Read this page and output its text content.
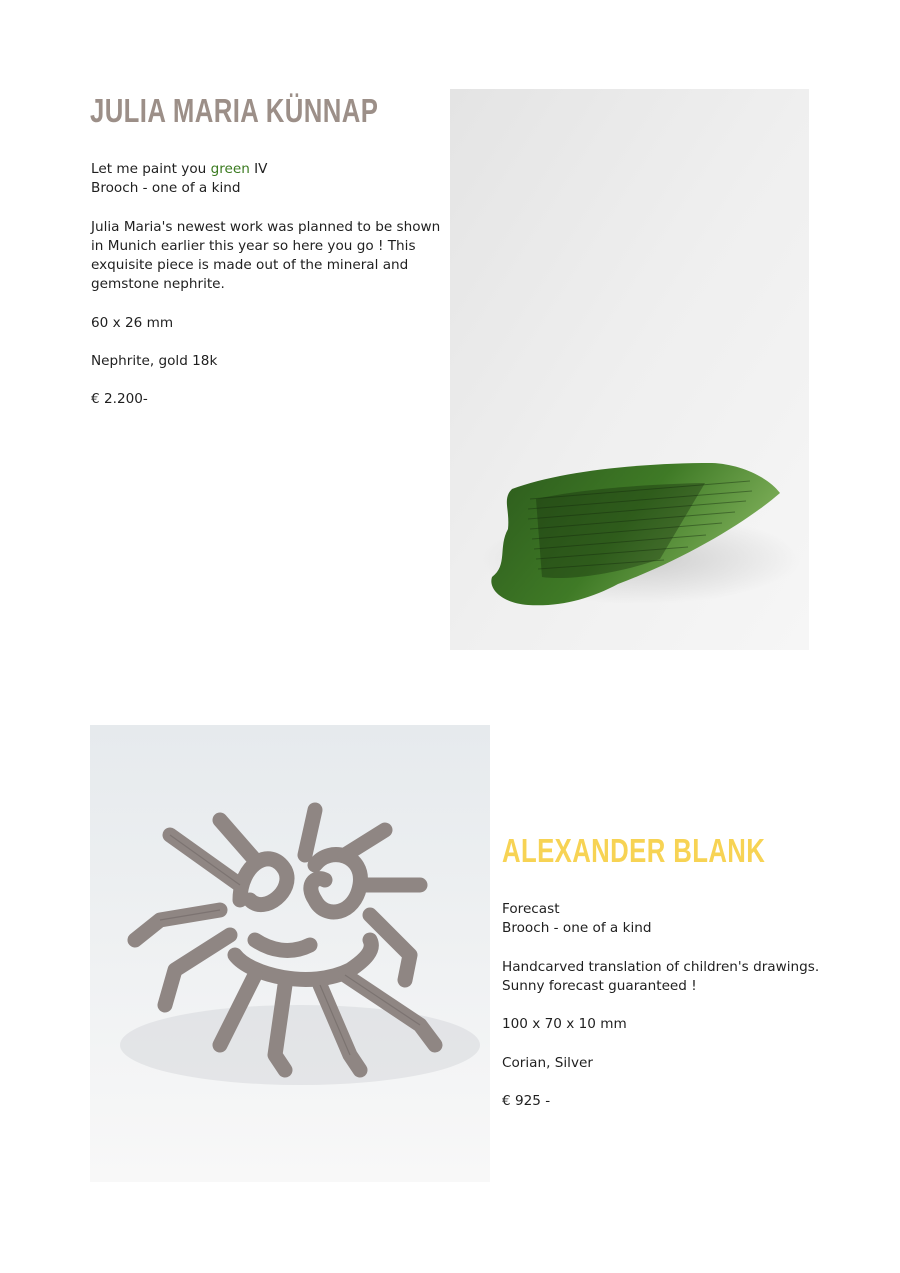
JULIA MARIA KÜNNAP

Let me paint you green IV
Brooch - one of a kind

Julia Maria's newest work was planned to be shown in Munich earlier this year so here you go ! This exquisite piece is made out of the mineral and gemstone nephrite.

60 x 26 mm

Nephrite, gold 18k

€ 2.200-

ALEXANDER BLANK

Forecast
Brooch - one of a kind

Handcarved translation of children's drawings. Sunny forecast guaranteed !

100 x 70 x 10 mm

Corian, Silver

€ 925 -
